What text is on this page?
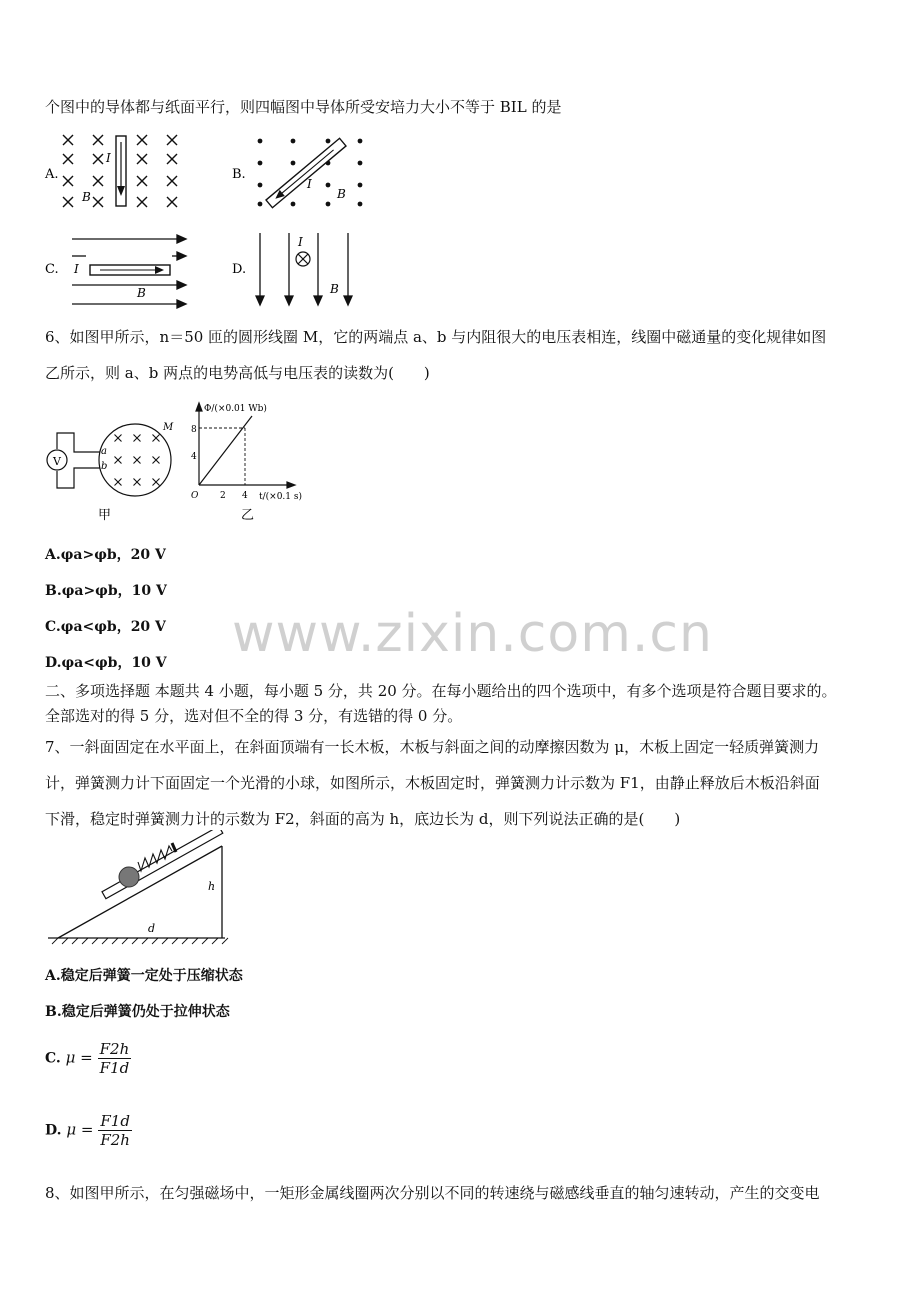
个图中的导体都与纸面平行，则四幅图中导体所受安培力大小不等于 BIL 的是
A.	B.
C.	D.
I
B
I
B
I
B
I
B
6、如图甲所示，n＝50 匝的圆形线圈 M，它的两端点 a、b 与内阻很大的电压表相连，线圈中磁通量的变化规律如图
乙所示，则 a、b 两点的电势高低与电压表的读数为(　　)
V
a
b
M
甲
Φ/(×0.01 Wb)
t/(×0.1 s)
O
8
4
2 4
乙
A.φa>φb，20 V
B.φa>φb，10 V
C.φa<φb，20 V
D.φa<φb，10 V www.zixin.com.cn
二、多项选择题 本题共 4 小题，每小题 5 分，共 20 分。在每小题给出的四个选项中，有多个选项是符合题目要求的。
全部选对的得 5 分，选对但不全的得 3 分，有选错的得 0 分。
7、一斜面固定在水平面上，在斜面顶端有一长木板，木板与斜面之间的动摩擦因数为 μ，木板上固定一轻质弹簧测力
计，弹簧测力计下面固定一个光滑的小球，如图所示，木板固定时，弹簧测力计示数为 F1，由静止释放后木板沿斜面
下滑，稳定时弹簧测力计的示数为 F2，斜面的高为 h，底边长为 d，则下列说法正确的是(　　)
h
d
A.稳定后弹簧一定处于压缩状态
B.稳定后弹簧仍处于拉伸状态
C. $\mu = \frac{F2h}{F1d}$
D. $\mu = \frac{F1d}{F2h}$
8、如图甲所示，在匀强磁场中，一矩形金属线圈两次分别以不同的转速绕与磁感线垂直的轴匀速转动，产生的交变电
